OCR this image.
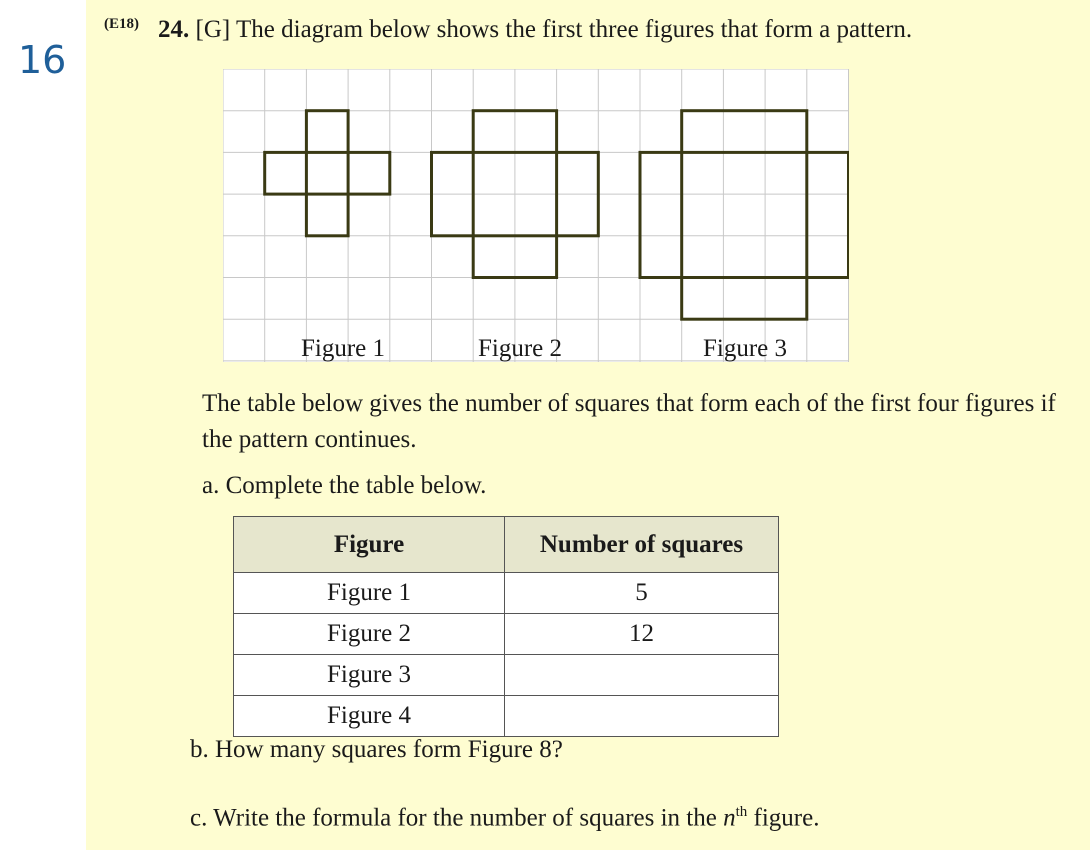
16
(E18) 24. [G] The diagram below shows the first three figures that form a pattern.
Figure 1	Figure 2	Figure 3
The table below gives the number of squares that form each of the first four figures if the pattern continues.
a. Complete the table below.
Figure	Number of squares
Figure 1	5
Figure 2	12
Figure 3	
Figure 4	
b. How many squares form Figure 8?
c. Write the formula for the number of squares in the $n^{th}$ figure.
